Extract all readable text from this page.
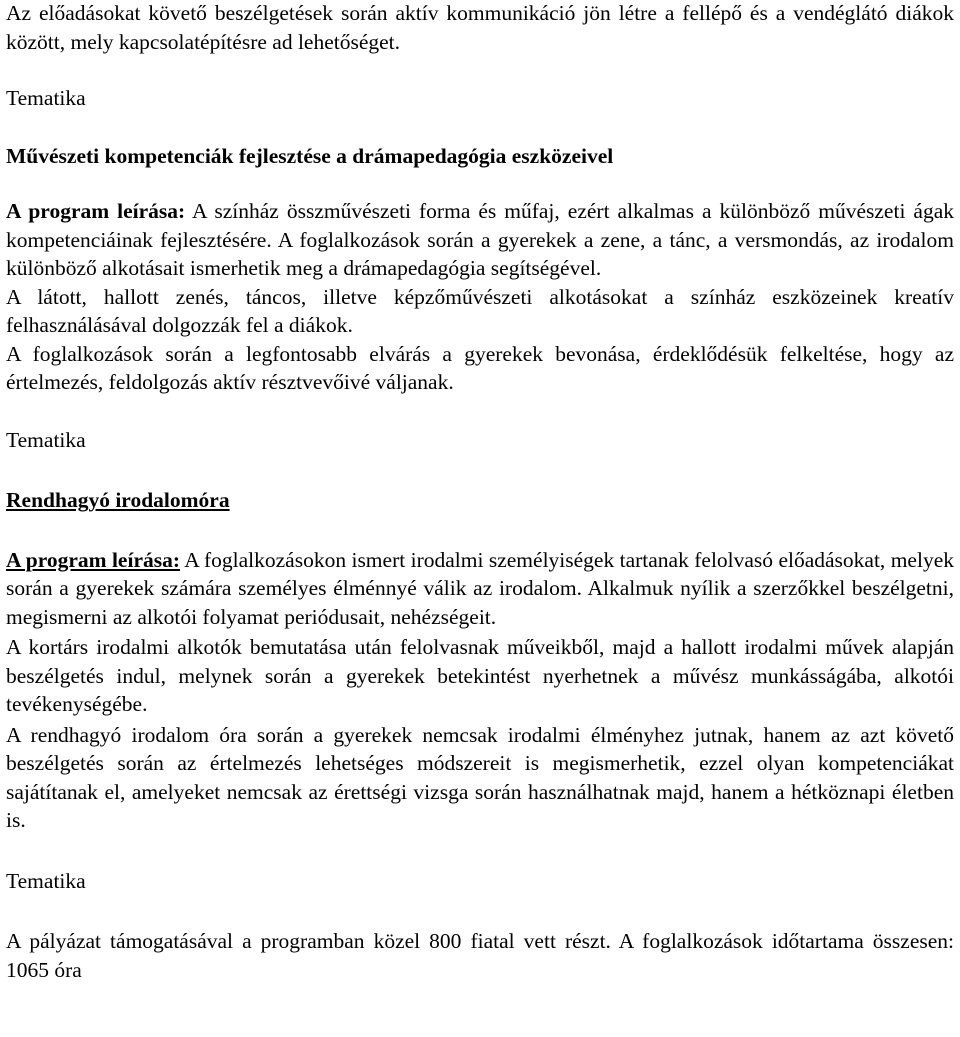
Az előadásokat követő beszélgetések során aktív kommunikáció jön létre a fellépő és a vendéglátó diákok között, mely kapcsolatépítésre ad lehetőséget.

Tematika

Művészeti kompetenciák fejlesztése a drámapedagógia eszközeivel

A program leírása: A színház összművészeti forma és műfaj, ezért alkalmas a különböző művészeti ágak kompetenciáinak fejlesztésére. A foglalkozások során a gyerekek a zene, a tánc, a versmondás, az irodalom különböző alkotásait ismerhetik meg a drámapedagógia segítségével.

A látott, hallott zenés, táncos, illetve képzőművészeti alkotásokat a színház eszközeinek kreatív felhasználásával dolgozzák fel a diákok.

A foglalkozások során a legfontosabb elvárás a gyerekek bevonása, érdeklődésük felkeltése, hogy az értelmezés, feldolgozás aktív résztvevőivé váljanak.

Tematika

Rendhagyó irodalomóra

A program leírása: A foglalkozásokon ismert irodalmi személyiségek tartanak felolvasó előadásokat, melyek során a gyerekek számára személyes élménnyé válik az irodalom. Alkalmuk nyílik a szerzőkkel beszélgetni, megismerni az alkotói folyamat periódusait, nehézségeit.

A kortárs irodalmi alkotók bemutatása után felolvasnak műveikből, majd a hallott irodalmi művek alapján beszélgetés indul, melynek során a gyerekek betekintést nyerhetnek a művész munkásságába, alkotói tevékenységébe.

A rendhagyó irodalom óra során a gyerekek nemcsak irodalmi élményhez jutnak, hanem az azt követő beszélgetés során az értelmezés lehetséges módszereit is megismerhetik, ezzel olyan kompetenciákat sajátítanak el, amelyeket nemcsak az érettségi vizsga során használhatnak majd, hanem a hétköznapi életben is.

Tematika

A pályázat támogatásával a programban közel 800 fiatal vett részt. A foglalkozások időtartama összesen: 1065 óra
